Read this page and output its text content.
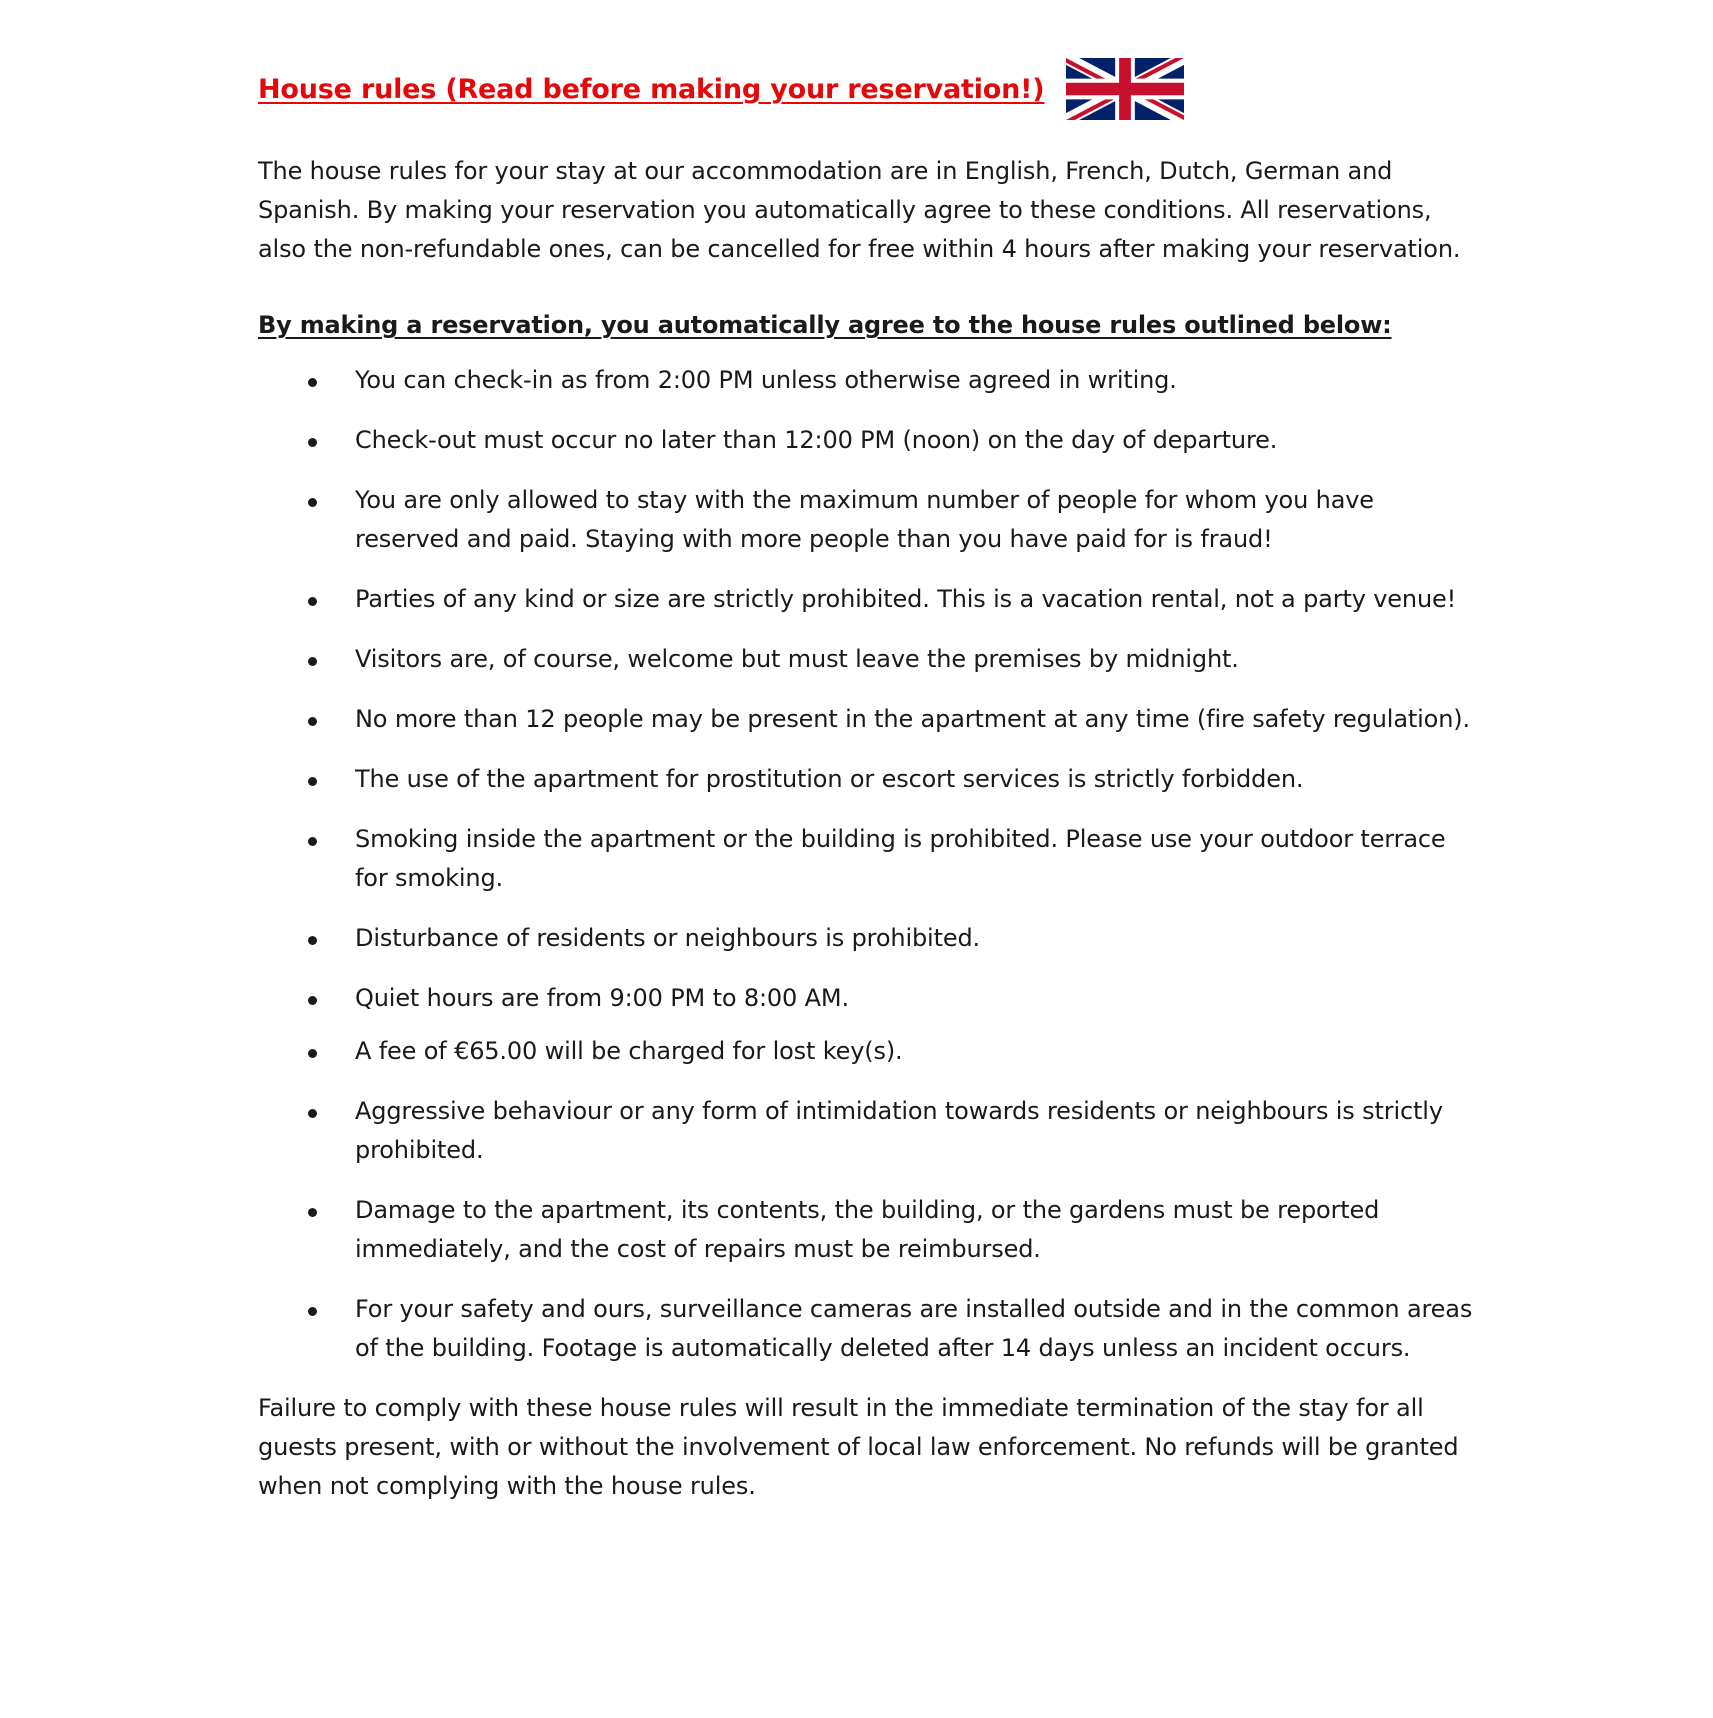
House rules (Read before making your reservation!)
The house rules for your stay at our accommodation are in English, French, Dutch, German and Spanish. By making your reservation you automatically agree to these conditions. All reservations, also the non-refundable ones, can be cancelled for free within 4 hours after making your reservation.
By making a reservation, you automatically agree to the house rules outlined below:
You can check-in as from 2:00 PM unless otherwise agreed in writing.
Check-out must occur no later than 12:00 PM (noon) on the day of departure.
You are only allowed to stay with the maximum number of people for whom you have reserved and paid. Staying with more people than you have paid for is fraud!
Parties of any kind or size are strictly prohibited. This is a vacation rental, not a party venue!
Visitors are, of course, welcome but must leave the premises by midnight.
No more than 12 people may be present in the apartment at any time (fire safety regulation).
The use of the apartment for prostitution or escort services is strictly forbidden.
Smoking inside the apartment or the building is prohibited. Please use your outdoor terrace for smoking.
Disturbance of residents or neighbours is prohibited.
Quiet hours are from 9:00 PM to 8:00 AM.
A fee of €65.00 will be charged for lost key(s).
Aggressive behaviour or any form of intimidation towards residents or neighbours is strictly prohibited.
Damage to the apartment, its contents, the building, or the gardens must be reported immediately, and the cost of repairs must be reimbursed.
For your safety and ours, surveillance cameras are installed outside and in the common areas of the building. Footage is automatically deleted after 14 days unless an incident occurs.
Failure to comply with these house rules will result in the immediate termination of the stay for all guests present, with or without the involvement of local law enforcement. No refunds will be granted when not complying with the house rules.
